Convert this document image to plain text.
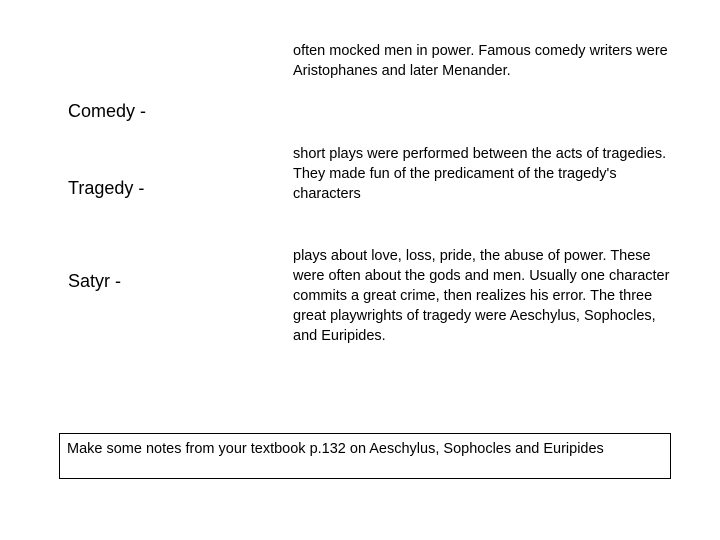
often mocked men in power. Famous comedy writers were Aristophanes and later Menander.
Comedy -
short plays were performed between the acts of tragedies. They made fun of the predicament of the tragedy's characters
Tragedy -
plays about love, loss, pride, the abuse of power. These were often about the gods and men. Usually one character commits a great crime, then realizes his error. The three great playwrights of tragedy were Aeschylus, Sophocles, and Euripides.
Satyr -
Make some notes from your textbook p.132 on Aeschylus, Sophocles and Euripides
